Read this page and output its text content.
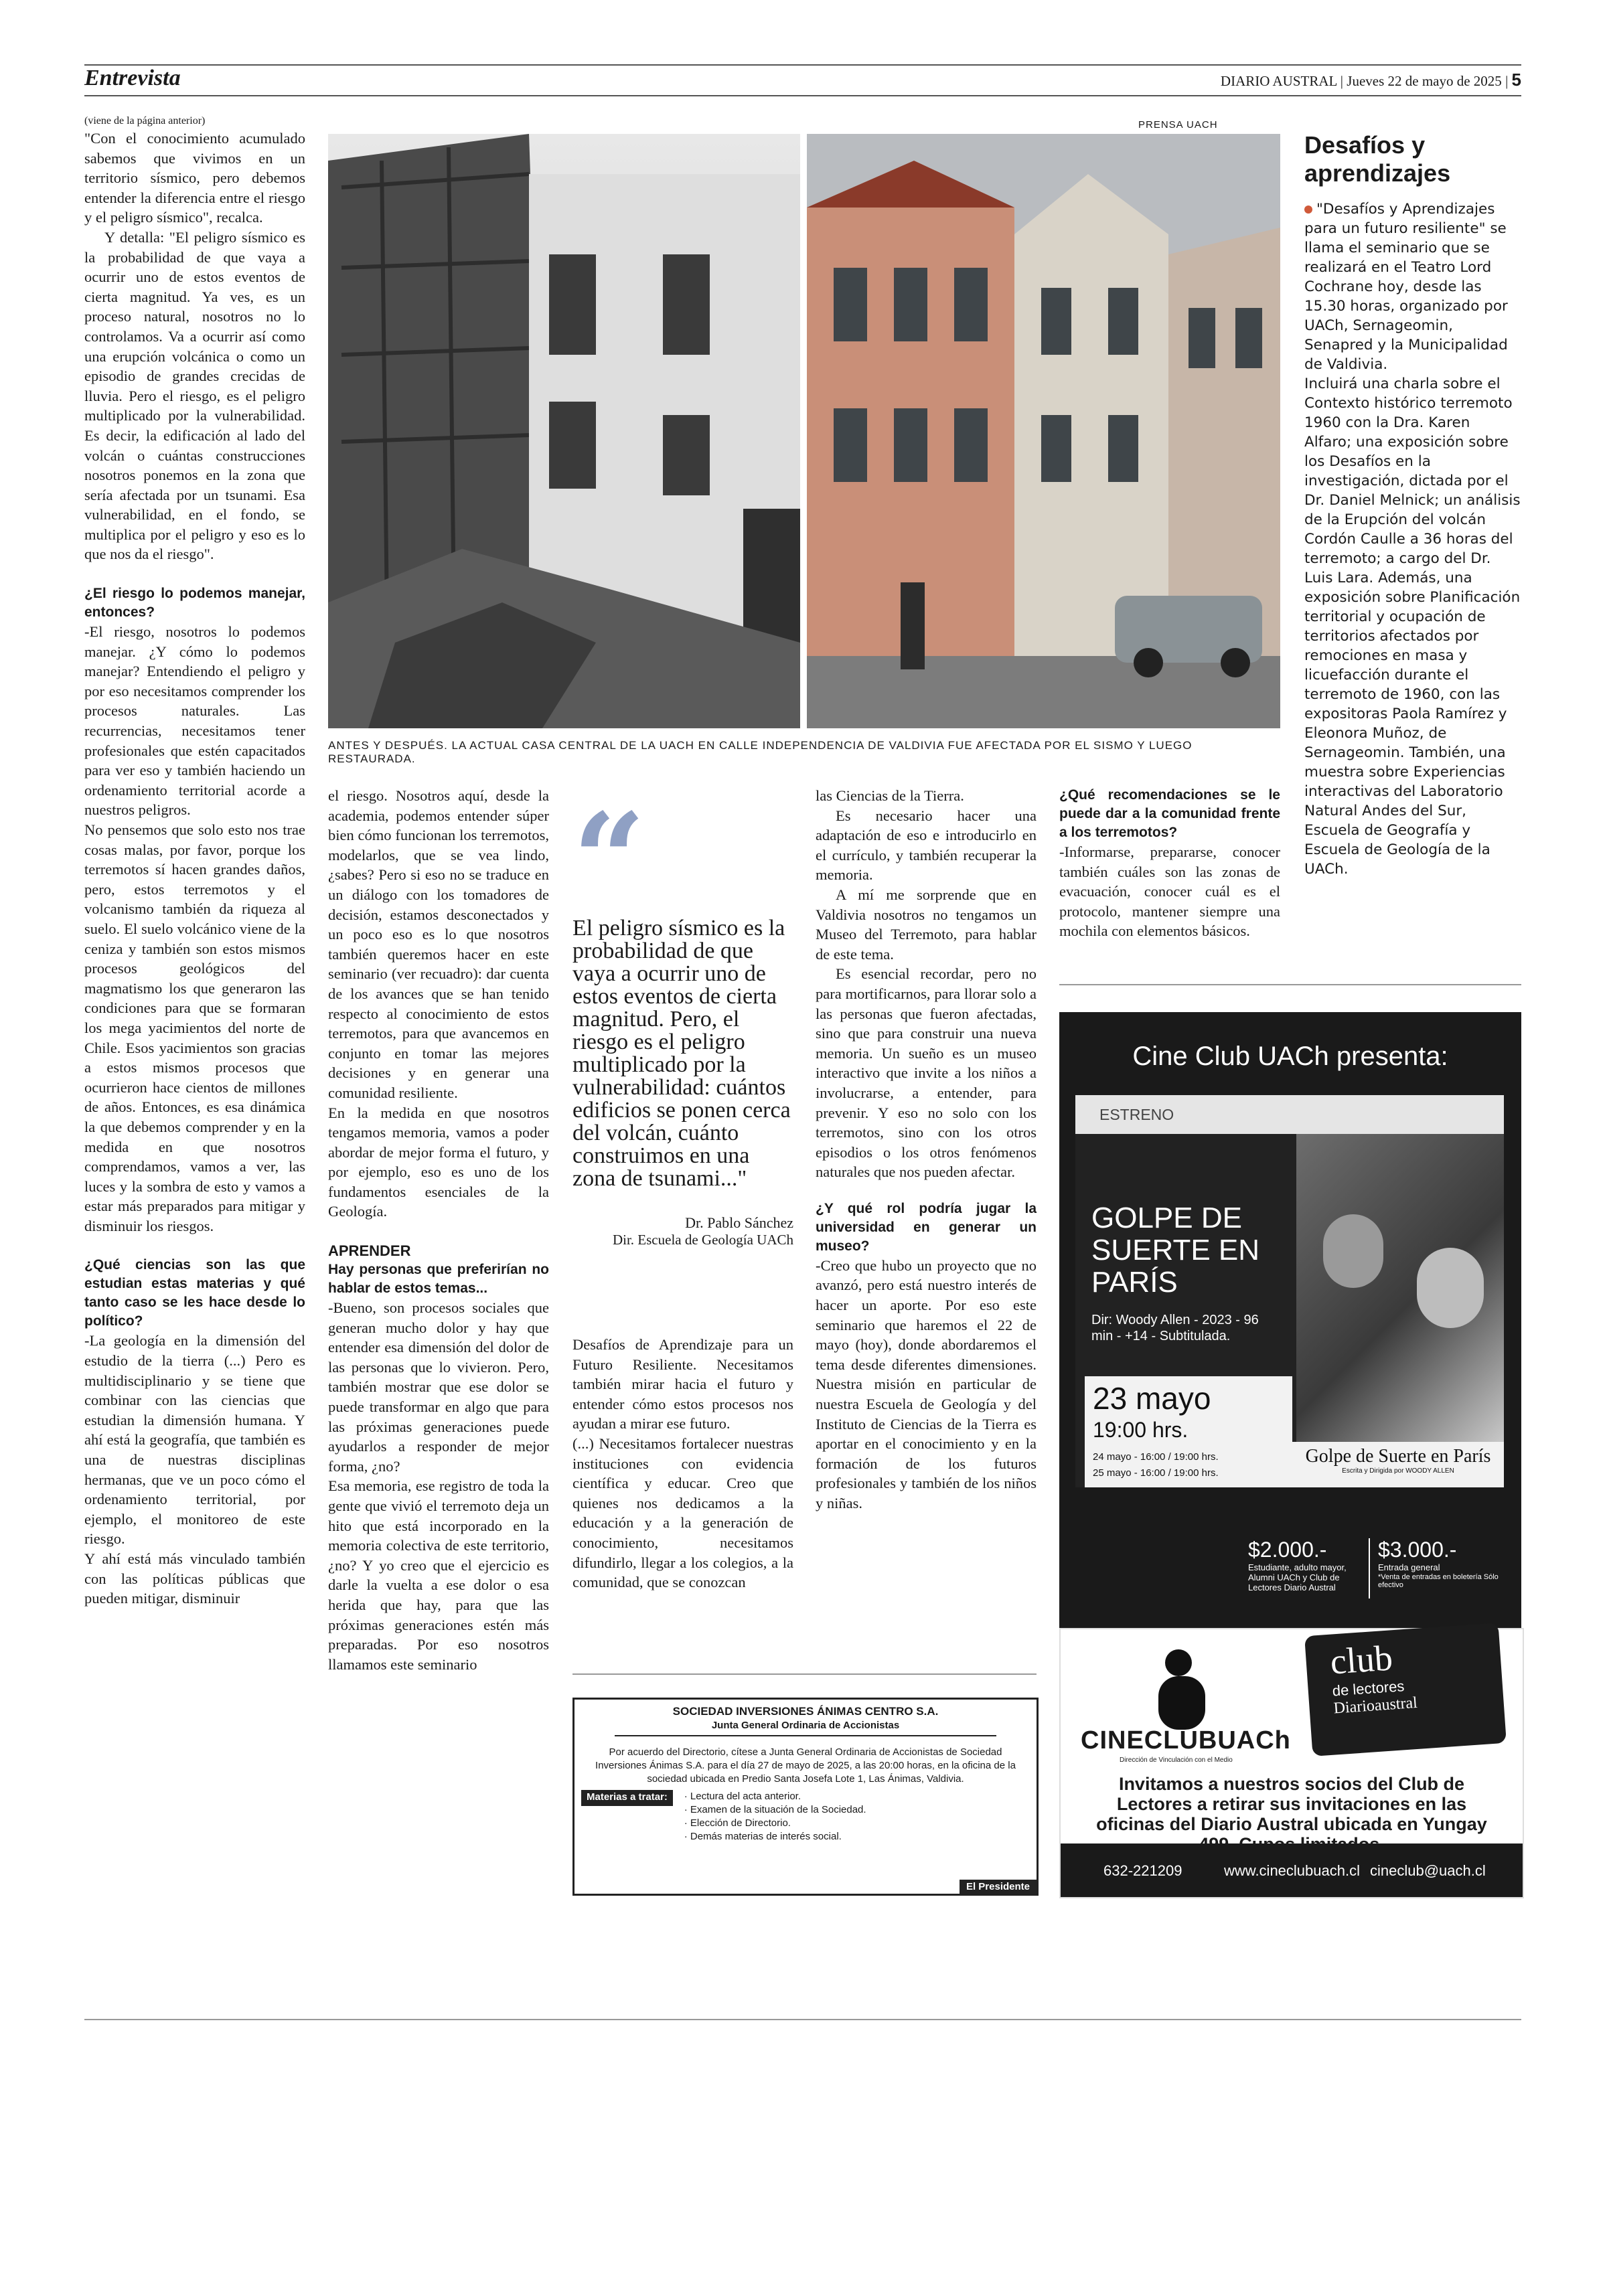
Entrevista	DIARIO AUSTRAL | Jueves 22 de mayo de 2025 | 5
(viene de la página anterior)

"Con el conocimiento acumulado sabemos que vivimos en un territorio sísmico, pero debemos entender la diferencia entre el riesgo y el peligro sísmico", recalca.

Y detalla: "El peligro sísmico es la probabilidad de que vaya a ocurrir uno de estos eventos de cierta magnitud. Ya ves, es un proceso natural, nosotros no lo controlamos. Va a ocurrir así como una erupción volcánica o como un episodio de grandes crecidas de lluvia. Pero el riesgo, es el peligro multiplicado por la vulnerabilidad. Es decir, la edificación al lado del volcán o cuántas construcciones nosotros ponemos en la zona que sería afectada por un tsunami. Esa vulnerabilidad, en el fondo, se multiplica por el peligro y eso es lo que nos da el riesgo".

¿El riesgo lo podemos manejar, entonces?

-El riesgo, nosotros lo podemos manejar. ¿Y cómo lo podemos manejar? Entendiendo el peligro y por eso necesitamos comprender los procesos naturales. Las recurrencias, necesitamos tener profesionales que estén capacitados para ver eso y también haciendo un ordenamiento territorial acorde a nuestros peligros.

No pensemos que solo esto nos trae cosas malas, por favor, porque los terremotos sí hacen grandes daños, pero, estos terremotos y el volcanismo también da riqueza al suelo. El suelo volcánico viene de la ceniza y también son estos mismos procesos geológicos del magmatismo los que generaron las condiciones para que se formaran los mega yacimientos del norte de Chile. Esos yacimientos son gracias a estos mismos procesos que ocurrieron hace cientos de millones de años. Entonces, es esa dinámica la que debemos comprender y en la medida en que nosotros comprendamos, vamos a ver, las luces y la sombra de esto y vamos a estar más preparados para mitigar y disminuir los riesgos.

¿Qué ciencias son las que estudian estas materias y qué tanto caso se les hace desde lo político?

-La geología en la dimensión del estudio de la tierra (...) Pero es multidisciplinario y se tiene que combinar con las ciencias que estudian la dimensión humana. Y ahí está la geografía, que también es una de nuestras disciplinas hermanas, que ve un poco cómo el ordenamiento territorial, por ejemplo, el monitoreo de este riesgo.

Y ahí está más vinculado también con las políticas públicas que pueden mitigar, disminuir

PRENSA UACH
ANTES Y DESPUÉS. LA ACTUAL CASA CENTRAL DE LA UACH EN CALLE INDEPENDENCIA DE VALDIVIA FUE AFECTADA POR EL SISMO Y LUEGO RESTAURADA.

el riesgo. Nosotros aquí, desde la academia, podemos entender súper bien cómo funcionan los terremotos, modelarlos, que se vea lindo, ¿sabes? Pero si eso no se traduce en un diálogo con los tomadores de decisión, estamos desconectados y un poco eso es lo que nosotros también queremos hacer en este seminario (ver recuadro): dar cuenta de los avances que se han tenido respecto al conocimiento de estos terremotos, para que avancemos en conjunto en tomar las mejores decisiones y en generar una comunidad resiliente.

En la medida en que nosotros tengamos memoria, vamos a poder abordar de mejor forma el futuro, y por ejemplo, eso es uno de los fundamentos esenciales de la Geología.

APRENDER

Hay personas que preferirían no hablar de estos temas...

-Bueno, son procesos sociales que generan mucho dolor y hay que entender esa dimensión del dolor de las personas que lo vivieron. Pero, también mostrar que ese dolor se puede transformar en algo que para las próximas generaciones puede ayudarlos a responder de mejor forma, ¿no?

Esa memoria, ese registro de toda la gente que vivió el terremoto deja un hito que está incorporado en la memoria colectiva de este territorio, ¿no? Y yo creo que el ejercicio es darle la vuelta a ese dolor o esa herida que hay, para que las próximas generaciones estén más preparadas. Por eso nosotros llamamos este seminario

“
El peligro sísmico es la probabilidad de que vaya a ocurrir uno de estos eventos de cierta magnitud. Pero, el riesgo es el peligro multiplicado por la vulnerabilidad: cuántos edificios se ponen cerca del volcán, cuánto construimos en una zona de tsunami..."
Dr. Pablo Sánchez
Dir. Escuela de Geología UACh

Desafíos de Aprendizaje para un Futuro Resiliente. Necesitamos también mirar hacia el futuro y entender cómo estos procesos nos ayudan a mirar ese futuro.

(...) Necesitamos fortalecer nuestras instituciones con evidencia científica y educar. Creo que quienes nos dedicamos a la educación y a la generación de conocimiento, necesitamos difundirlo, llegar a los colegios, a la comunidad, que se conozcan

las Ciencias de la Tierra.

Es necesario hacer una adaptación de eso e introducirlo en el currículo, y también recuperar la memoria.

A mí me sorprende que en Valdivia nosotros no tengamos un Museo del Terremoto, para hablar de este tema.

Es esencial recordar, pero no para mortificarnos, para llorar solo a las personas que fueron afectadas, sino que para construir una nueva memoria. Un sueño es un museo interactivo que invite a los niños a involucrarse, a entender, para prevenir. Y eso no solo con los terremotos, sino con los otros episodios o los otros fenómenos naturales que nos pueden afectar.

¿Y qué rol podría jugar la universidad en generar un museo?

-Creo que hubo un proyecto que no avanzó, pero está nuestro interés de hacer un aporte. Por eso este seminario que haremos el 22 de mayo (hoy), donde abordaremos el tema desde diferentes dimensiones. Nuestra misión en particular de nuestra Escuela de Geología y del Instituto de Ciencias de la Tierra es aportar en el conocimiento y en la formación de los futuros profesionales y también de los niños y niñas.

¿Qué recomendaciones se le puede dar a la comunidad frente a los terremotos?

-Informarse, prepararse, conocer también cuáles son las zonas de evacuación, conocer cuál es el protocolo, mantener siempre una mochila con elementos básicos.

Desafíos y aprendizajes
"Desafíos y Aprendizajes para un futuro resiliente" se llama el seminario que se realizará en el Teatro Lord Cochrane hoy, desde las 15.30 horas, organizado por UACh, Sernageomin, Senapred y la Municipalidad de Valdivia.
Incluirá una charla sobre el Contexto histórico terremoto 1960 con la Dra. Karen Alfaro; una exposición sobre los Desafíos en la investigación, dictada por el Dr. Daniel Melnick; un análisis de la Erupción del volcán Cordón Caulle a 36 horas del terremoto; a cargo del Dr. Luis Lara. Además, una exposición sobre Planificación territorial y ocupación de territorios afectados por remociones en masa y licuefacción durante el terremoto de 1960, con las expositoras Paola Ramírez y Eleonora Muñoz, de Sernageomin. También, una muestra sobre Experiencias interactivas del Laboratorio Natural Andes del Sur, Escuela de Geografía y Escuela de Geología de la UACh.
SOCIEDAD INVERSIONES ÁNIMAS CENTRO S.A.
Junta General Ordinaria de Accionistas
Por acuerdo del Directorio, cítese a Junta General Ordinaria de Accionistas de Sociedad Inversiones Ánimas S.A. para el día 27 de mayo de 2025, a las 20:00 horas, en la oficina de la sociedad ubicada en Predio Santa Josefa Lote 1, Las Ánimas, Valdivia.
Materias a tratar:
·	Lectura del acta anterior.
· Examen de la situación de la Sociedad.
· Elección de Directorio.
· Demás materias de interés social.
El Presidente
Cine Club UACh presenta:
ESTRENO
GOLPE DE SUERTE EN PARÍS
Dir: Woody Allen - 2023 - 96 min - +14 - Subtitulada.
23 mayo
19:00 hrs.
24 mayo - 16:00 / 19:00 hrs.
25 mayo - 16:00 / 19:00 hrs.
Golpe de Suerte en París
Escrita y Dirigida por WOODY ALLEN
$2.000.-
Estudiante, adulto mayor, Alumni UACh y Club de Lectores Diario Austral
$3.000.-
Entrada general
*Venta de entradas en boletería Sólo efectivo
CINECLUBUACh
Dirección de Vinculación con el Medio
club
de lectores
Diarioaustral
Invitamos a nuestros socios del Club de Lectores a retirar sus invitaciones en las oficinas del Diario Austral ubicada en Yungay
632-221209	www.cineclubuach.cl cineclub@uach.cl
